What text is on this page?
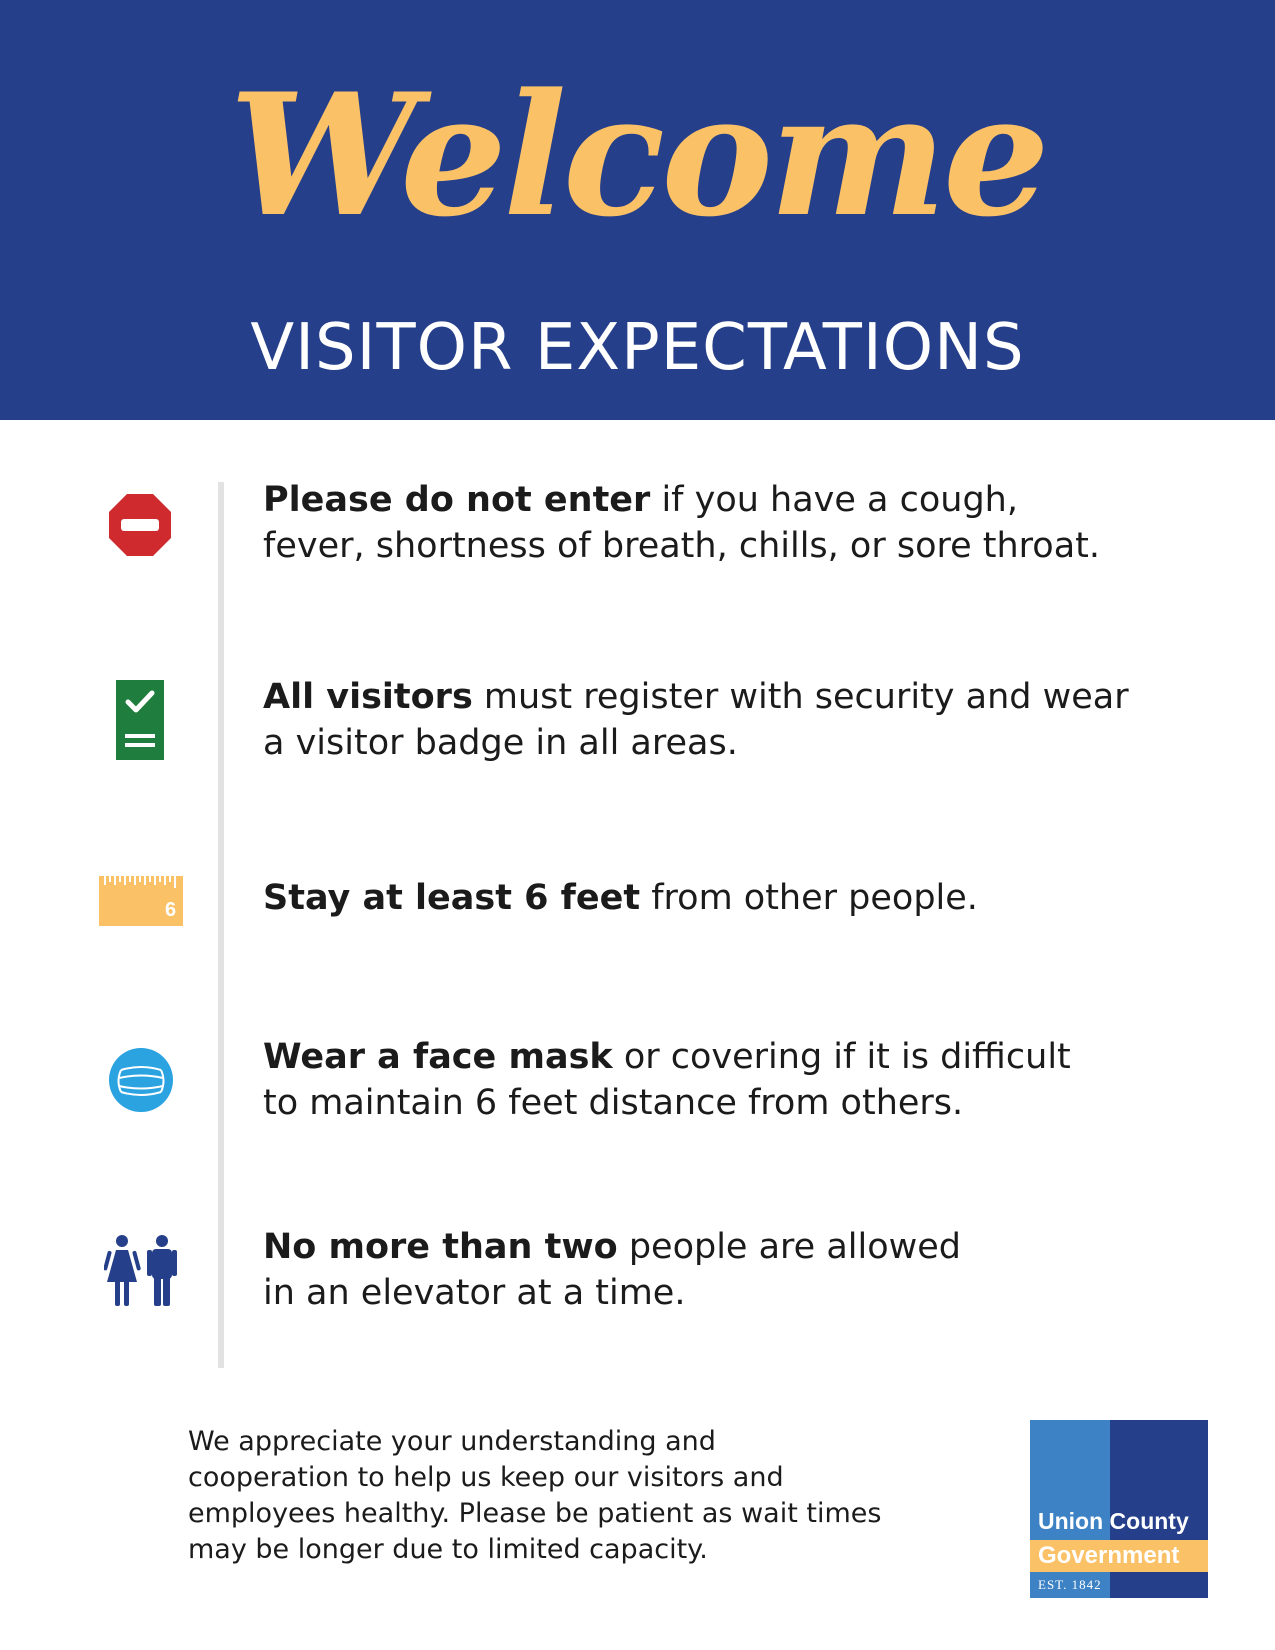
Welcome
VISITOR EXPECTATIONS
Please do not enter if you have a cough,
fever, shortness of breath, chills, or sore throat.
All visitors must register with security and wear
a visitor badge in all areas.
6 Stay at least 6 feet from other people.
Wear a face mask or covering if it is difficult
to maintain 6 feet distance from others.
No more than two people are allowed
in an elevator at a time.
We appreciate your understanding and
cooperation to help us keep our visitors and
employees healthy. Please be patient as wait times
may be longer due to limited capacity.
Union County
Government
EST. 1842
